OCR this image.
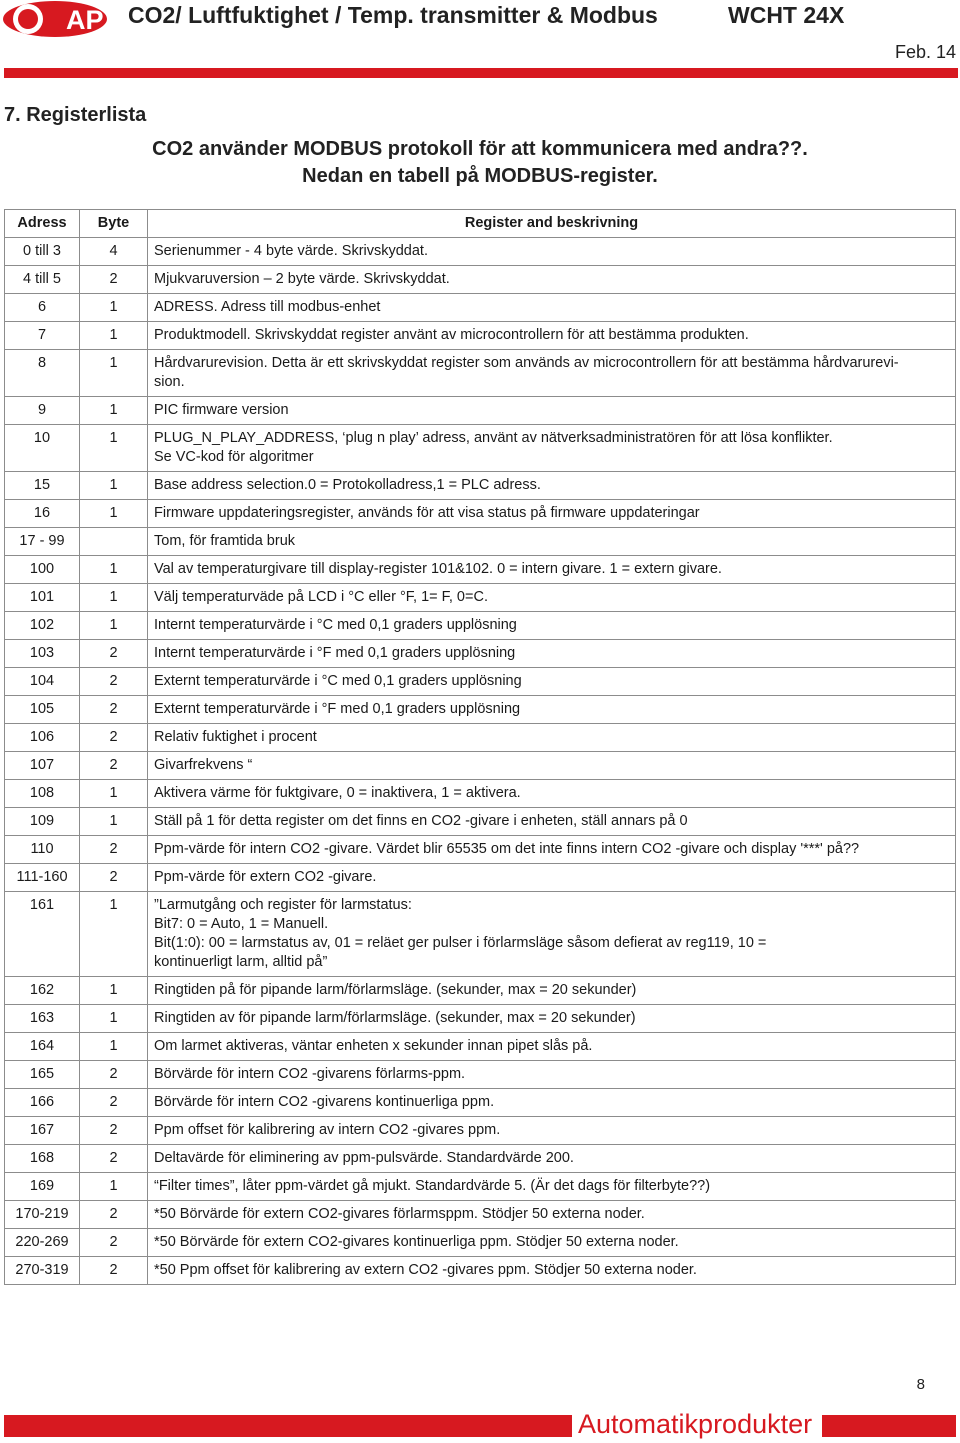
AP CO2/ Luftfuktighet / Temp. transmitter & Modbus	WCHT 24X
Feb. 14
7. Registerlista
CO2 använder MODBUS protokoll för att kommunicera med andra??.
Nedan en tabell på MODBUS-register.
Adress	Byte	Register and beskrivning
0 till 3	4	Serienummer - 4 byte värde. Skrivskyddat.
4 till 5	2	Mjukvaruversion – 2 byte värde. Skrivskyddat.
6	1	ADRESS. Adress till modbus-enhet
7	1	Produktmodell. Skrivskyddat register använt av microcontrollern för att bestämma produkten.
8	1	Hårdvarurevision. Detta är ett skrivskyddat register som används av microcontrollern för att bestämma hårdvarurevi-
sion.
9	1	PIC firmware version
10	1	PLUG_N_PLAY_ADDRESS, ‘plug n play’ adress, använt av nätverksadministratören för att lösa konflikter.
Se VC-kod för algoritmer
15	1	Base address selection.0 = Protokolladress,1 = PLC adress.
16	1	Firmware uppdateringsregister, används för att visa status på firmware uppdateringar
17 - 99		Tom, för framtida bruk
100	1	Val av temperaturgivare till display-register 101&102. 0 = intern givare. 1 = extern givare.
101	1	Välj temperaturväde på LCD i °C eller °F, 1= F, 0=C.
102	1	Internt temperaturvärde i °C med 0,1 graders upplösning
103	2	Internt temperaturvärde i °F med 0,1 graders upplösning
104	2	Externt temperaturvärde i °C med 0,1 graders upplösning
105	2	Externt temperaturvärde i °F med 0,1 graders upplösning
106	2	Relativ fuktighet i procent
107	2	Givarfrekvens “
108	1	Aktivera värme för fuktgivare, 0 = inaktivera, 1 = aktivera.
109	1	Ställ på 1 för detta register om det finns en CO2 -givare i enheten, ställ annars på 0
110	2	Ppm-värde för intern CO2 -givare. Värdet blir 65535 om det inte finns intern CO2 -givare och display '***' på??
111-160	2	Ppm-värde för extern CO2 -givare.
161	1	”Larmutgång och register för larmstatus:
Bit7: 0 = Auto, 1 = Manuell.
Bit(1:0): 00 = larmstatus av, 01 = reläet ger pulser i förlarmsläge såsom defierat av reg119, 10 =
kontinuerligt larm, alltid på”
162	1	Ringtiden på för pipande larm/förlarmsläge. (sekunder, max = 20 sekunder)
163	1	Ringtiden av för pipande larm/förlarmsläge. (sekunder, max = 20 sekunder)
164	1	Om larmet aktiveras, väntar enheten x sekunder innan pipet slås på.
165	2	Börvärde för intern CO2 -givarens förlarms-ppm.
166	2	Börvärde för intern CO2 -givarens kontinuerliga ppm.
167	2	Ppm offset för kalibrering av intern CO2 -givares ppm.
168	2	Deltavärde för eliminering av ppm-pulsvärde. Standardvärde 200.
169	1	“Filter times”, låter ppm-värdet gå mjukt. Standardvärde 5. (Är det dags för filterbyte??)
170-219	2	*50 Börvärde för extern CO2-givares förlarmsppm. Stödjer 50 externa noder.
220-269	2	*50 Börvärde för extern CO2-givares kontinuerliga ppm. Stödjer 50 externa noder.
270-319	2	*50 Ppm offset för kalibrering av extern CO2 -givares ppm. Stödjer 50 externa noder.
8
Automatikprodukter
